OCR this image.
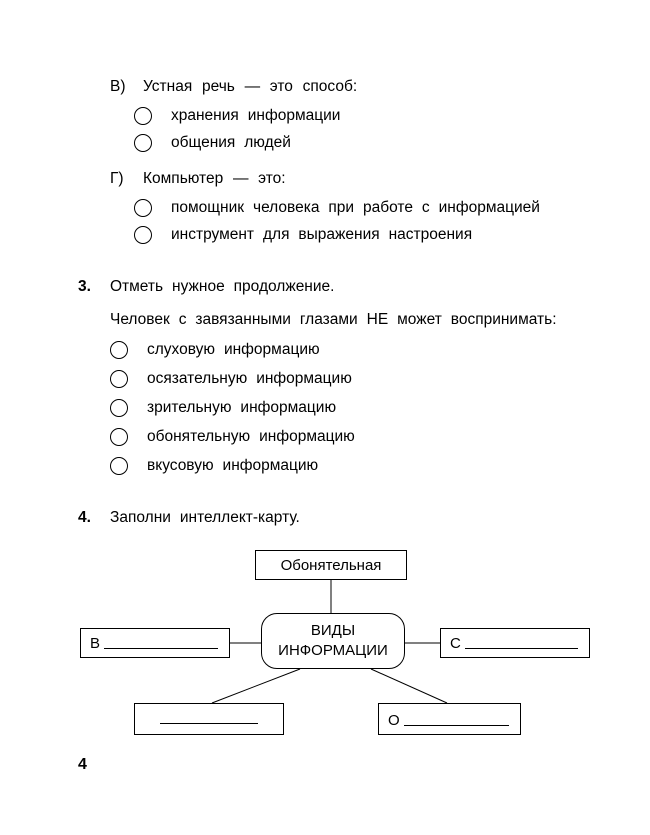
В)	Устная речь — это способ:
хранения информации
общения людей
Г)	Компьютер — это:
помощник человека при работе с информацией
инструмент для выражения настроения
3.	Отметь нужное продолжение.
Человек с завязанными глазами НЕ может воспринимать:
слуховую информацию
осязательную информацию
зрительную информацию
обонятельную информацию
вкусовую информацию
4.	Заполни интеллект-карту.
Обонятельная
ВИДЫ ИНФОРМАЦИИ
В	С
О
4
